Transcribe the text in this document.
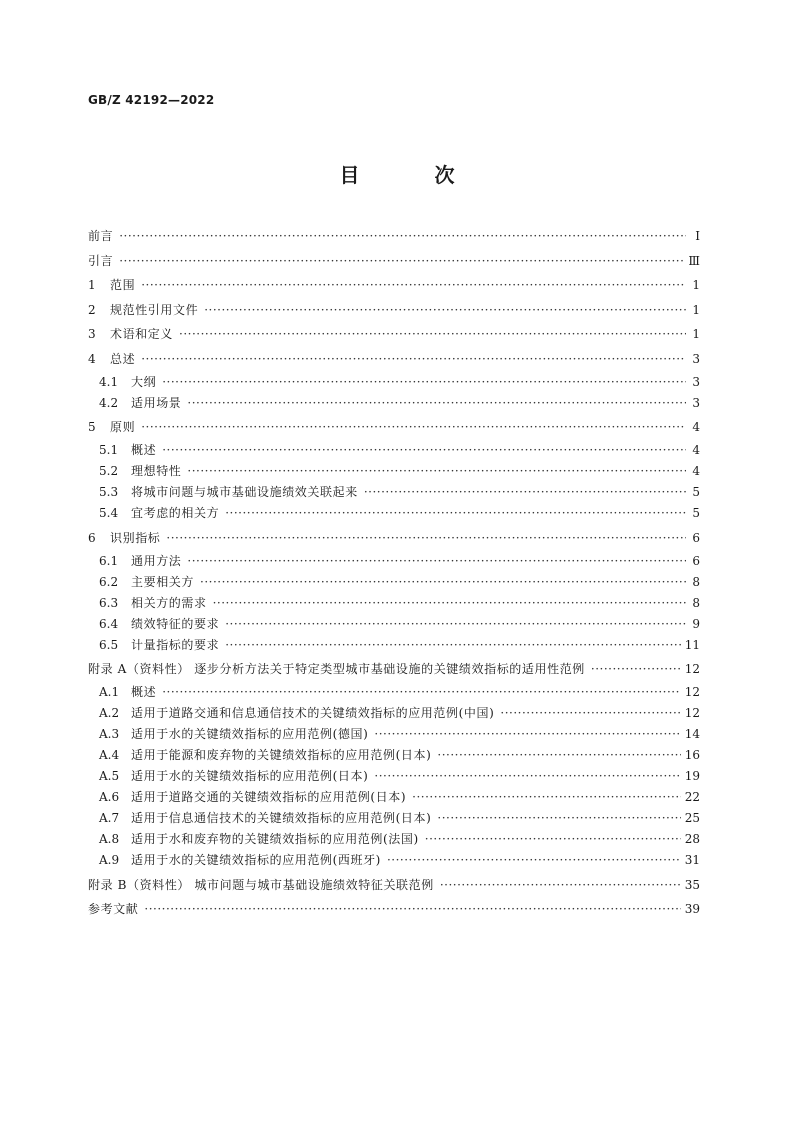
GB/Z 42192—2022
目 次
前言 ·····	Ⅰ
引言 ·····	Ⅲ
1	范围 ·····	1
2	规范性引用文件 ·····	1
3	术语和定义 ·····	1
4	总述 ·····	3
4.1	大纲 ·····	3
4.2	适用场景 ·····	3
5	原则 ·····	4
5.1	概述 ·····	4
5.2	理想特性 ·····	4
5.3	将城市问题与城市基础设施绩效关联起来 ·····	5
5.4	宜考虑的相关方 ·····	5
6	识别指标 ·····	6
6.1	通用方法 ·····	6
6.2	主要相关方 ·····	8
6.3	相关方的需求 ·····	8
6.4	绩效特征的要求 ·····	9
6.5	计量指标的要求 ·····	11
附录 A（资料性） 逐步分析方法关于特定类型城市基础设施的关键绩效指标的适用性范例 ·····	12
A.1 概述 ·····	12
A.2 适用于道路交通和信息通信技术的关键绩效指标的应用范例(中国) ·····	12
A.3 适用于水的关键绩效指标的应用范例(德国) ·····	14
A.4 适用于能源和废弃物的关键绩效指标的应用范例(日本) ·····	16
A.5 适用于水的关键绩效指标的应用范例(日本) ·····	19
A.6 适用于道路交通的关键绩效指标的应用范例(日本) ·····	22
A.7 适用于信息通信技术的关键绩效指标的应用范例(日本) ·····	25
A.8 适用于水和废弃物的关键绩效指标的应用范例(法国) ·····	28
A.9 适用于水的关键绩效指标的应用范例(西班牙) ·····	31
附录 B（资料性） 城市问题与城市基础设施绩效特征关联范例 ·····	35
参考文献 ·····	39
